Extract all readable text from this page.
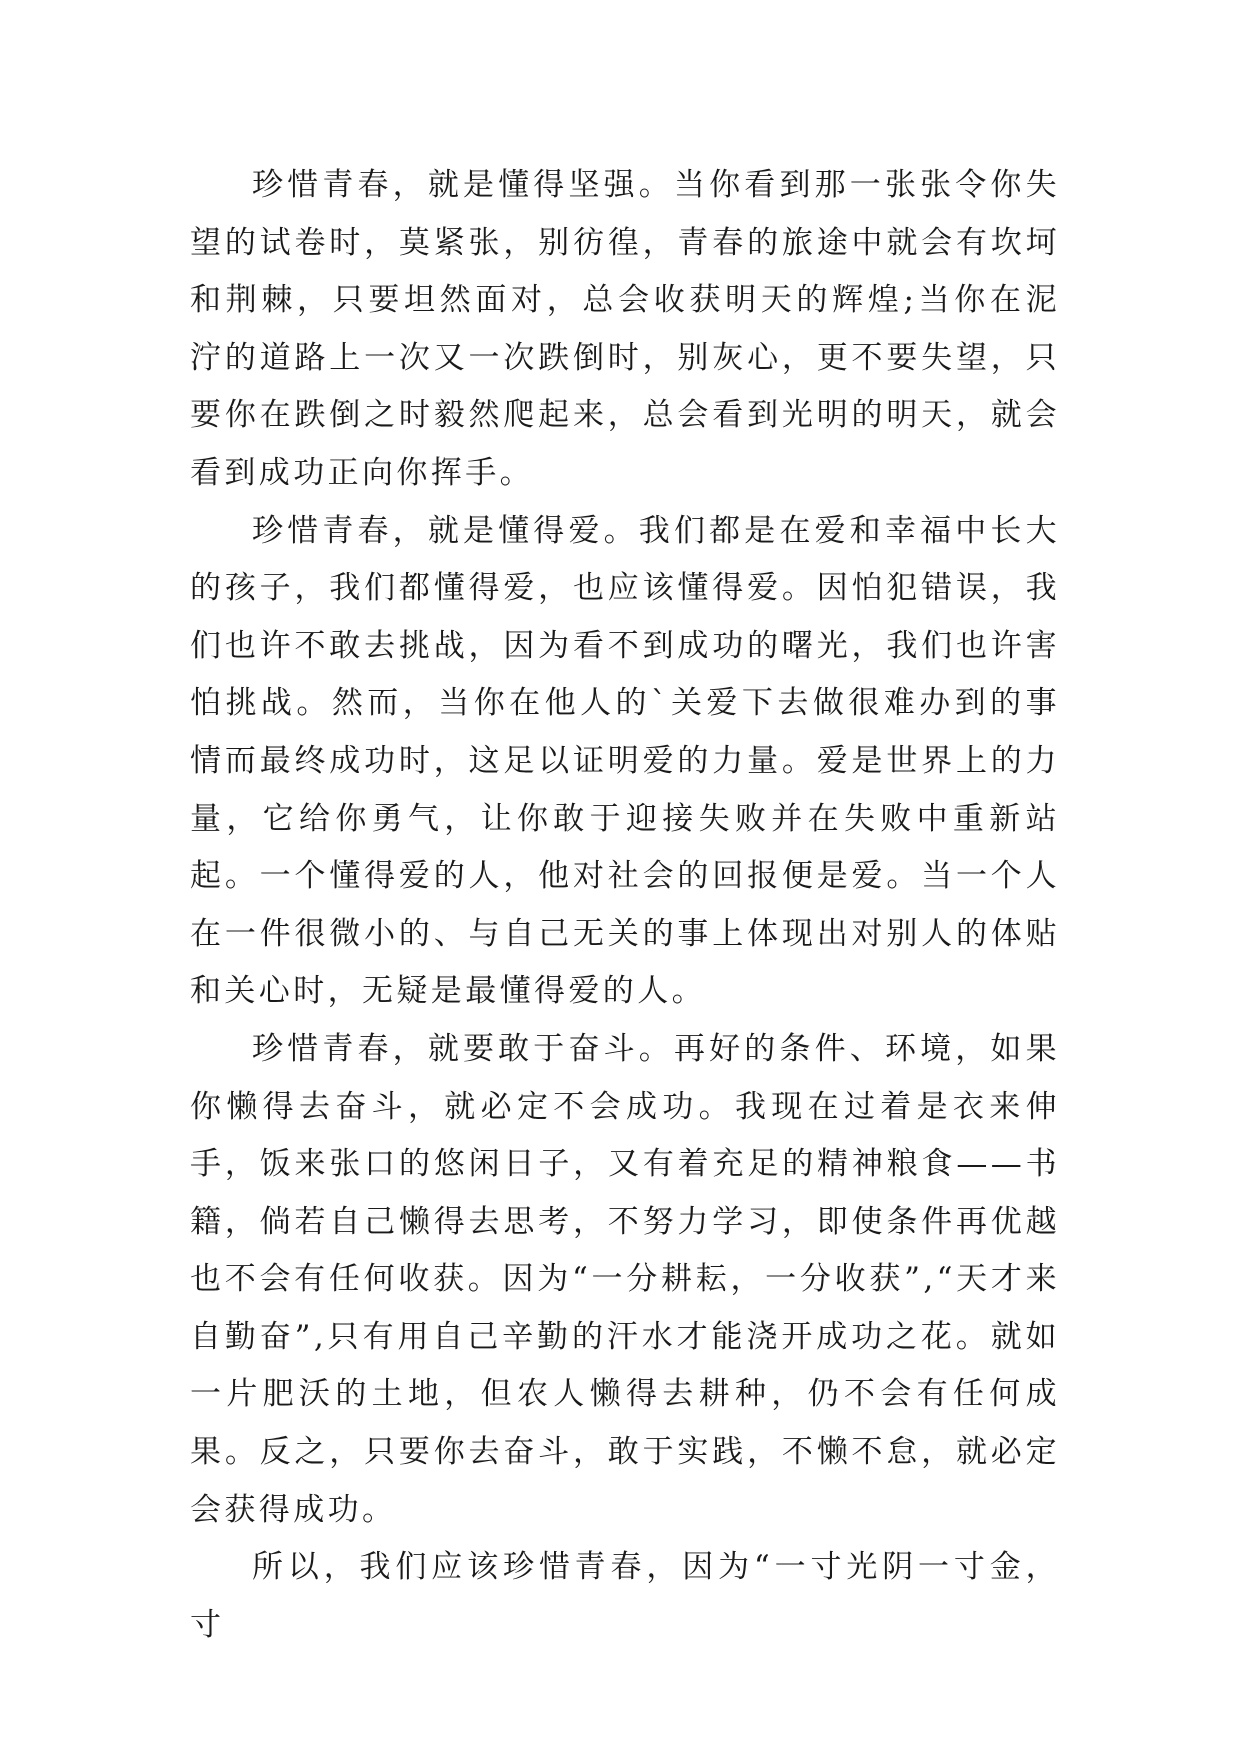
珍惜青春，就是懂得坚强。当你看到那一张张令你失望的试卷时，莫紧张，别彷徨，青春的旅途中就会有坎坷和荆棘，只要坦然面对，总会收获明天的辉煌;当你在泥泞的道路上一次又一次跌倒时，别灰心，更不要失望，只要你在跌倒之时毅然爬起来，总会看到光明的明天，就会看到成功正向你挥手。

珍惜青春，就是懂得爱。我们都是在爱和幸福中长大的孩子，我们都懂得爱，也应该懂得爱。因怕犯错误，我们也许不敢去挑战，因为看不到成功的曙光，我们也许害怕挑战。然而，当你在他人的`关爱下去做很难办到的事情而最终成功时，这足以证明爱的力量。爱是世界上的力量，它给你勇气，让你敢于迎接失败并在失败中重新站起。一个懂得爱的人，他对社会的回报便是爱。当一个人在一件很微小的、与自己无关的事上体现出对别人的体贴和关心时，无疑是最懂得爱的人。

珍惜青春，就要敢于奋斗。再好的条件、环境，如果你懒得去奋斗，就必定不会成功。我现在过着是衣来伸手，饭来张口的悠闲日子，又有着充足的精神粮食——书籍，倘若自己懒得去思考，不努力学习，即使条件再优越也不会有任何收获。因为“一分耕耘，一分收获”,“天才来自勤奋”,只有用自己辛勤的汗水才能浇开成功之花。就如一片肥沃的土地，但农人懒得去耕种，仍不会有任何成果。反之，只要你去奋斗，敢于实践，不懒不怠，就必定会获得成功。

所以，我们应该珍惜青春，因为“一寸光阴一寸金，寸
